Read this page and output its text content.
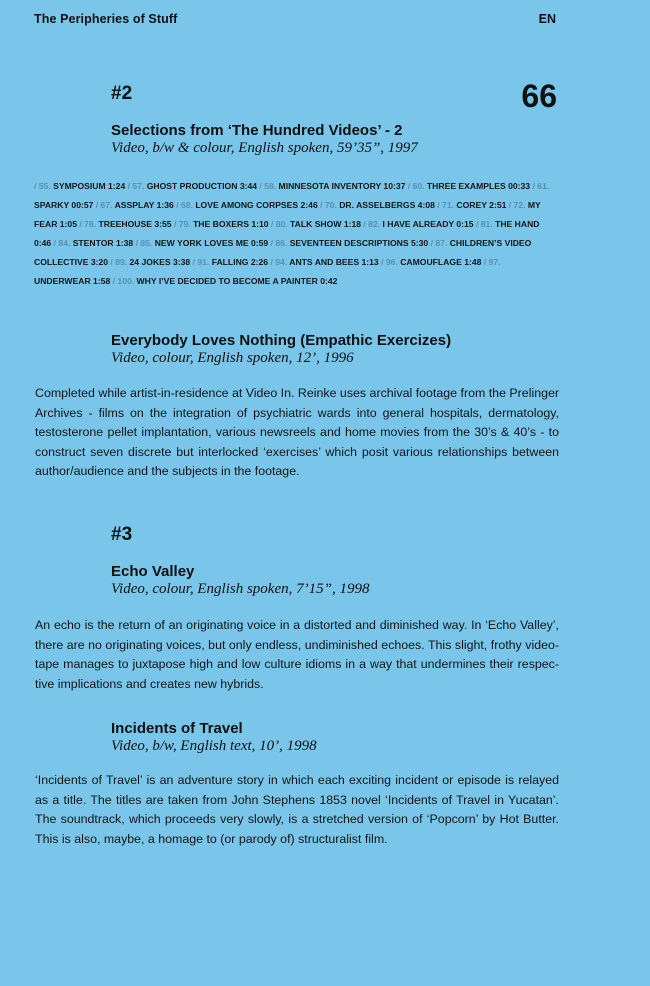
The Peripheries of Stuff	EN
#2	66
Selections from ‘The Hundred Videos’ - 2
Video, b/w & colour, English spoken, 59’35”, 1997
/ 55. SYMPOSIUM 1:24 / 57. GHOST PRODUCTION 3:44 / 58. MINNESOTA INVENTORY 10:37 / 60. THREE EXAMPLES 00:33 / 61. SPARKY 00:57 / 67. ASSPLAY 1:36 / 68. LOVE AMONG CORPSES 2:46 / 70. DR. ASSELBERGS 4:08 / 71. COREY 2:51 / 72. MY FEAR 1:05 / 78. TREEHOUSE 3:55 / 79. THE BOXERS 1:10 / 80. TALK SHOW 1:18 / 82. I HAVE ALREADY 0:15 / 81. THE HAND 0:46 / 84. STENTOR 1:38 / 85. NEW YORK LOVES ME 0:59 / 86. SEVENTEEN DESCRIPTIONS 5:30 / 87. CHILDREN’S VIDEO COLLECTIVE 3:20 / 89. 24 JOKES 3:38 / 91. FALLING 2:26 / 94. ANTS AND BEES 1:13 / 96. CAMOUFLAGE 1:48 / 97. UNDERWEAR 1:58 / 100. WHY I’VE DECIDED TO BECOME A PAINTER 0:42
Everybody Loves Nothing (Empathic Exercizes)
Video, colour, English spoken, 12’, 1996
Completed while artist-in-residence at Video In. Reinke uses archival footage from the Prelinger Archives - films on the integration of psychiatric wards into general hospitals, dermatology, testosterone pellet implantation, various newsreels and home movies from the 30’s & 40’s - to construct seven discrete but interlocked ‘exercises’ which posit various relationships between author/audience and the subjects in the footage.
#3
Echo Valley
Video, colour, English spoken, 7’15”, 1998
An echo is the return of an originating voice in a distorted and diminished way. In ‘Echo Valley’, there are no originating voices, but only endless, undiminished echoes. This slight, frothy video-tape manages to juxtapose high and low culture idioms in a way that undermines their respec-tive implications and creates new hybrids.
Incidents of Travel
Video, b/w, English text, 10’, 1998
‘Incidents of Travel’ is an adventure story in which each exciting incident or episode is relayed as a title. The titles are taken from John Stephens 1853 novel ‘Incidents of Travel in Yucatan’. The soundtrack, which proceeds very slowly, is a stretched version of ‘Popcorn’ by Hot Butter. This is also, maybe, a homage to (or parody of) structuralist film.
